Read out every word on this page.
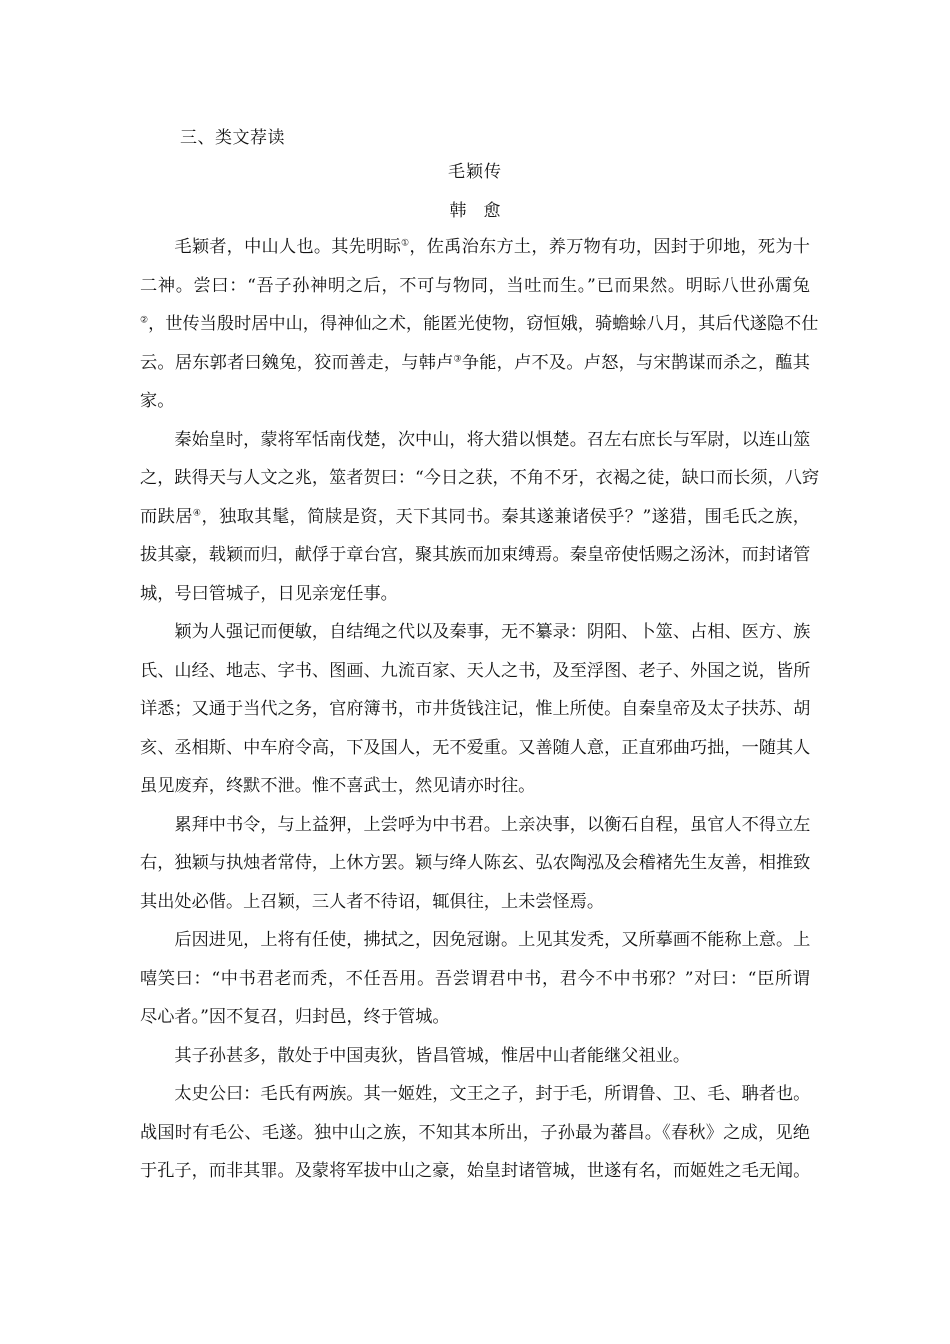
三、类文荐读
毛颖传
韩　愈
毛颖者，中山人也。其先明眎①，佐禹治东方土，养万物有功，因封于卯地，死为十
二神。尝曰：“吾子孙神明之后，不可与物同，当吐而生。”已而果然。明眎八世孙霌兔
②，世传当殷时居中山，得神仙之术，能匿光使物，窃恒娥，骑蟾蜍八月，其后代遂隐不仕
云。居东郭者曰㕙兔，狡而善走，与韩卢③争能，卢不及。卢怒，与宋鹊谋而杀之，醢其
家。
秦始皇时，蒙将军恬南伐楚，次中山，将大猎以惧楚。召左右庶长与军尉，以连山筮
之，趺得天与人文之兆，筮者贺曰：“今日之获，不角不牙，衣褐之徒，缺口而长须，八窍
而趺居④，独取其髦，简牍是资，天下其同书。秦其遂兼诸侯乎？”遂猎，围毛氏之族，
拔其豪，载颖而归，献俘于章台宫，聚其族而加束缚焉。秦皇帝使恬赐之汤沐，而封诸管
城，号曰管城子，日见亲宠任事。
颖为人强记而便敏，自结绳之代以及秦事，无不纂录：阴阳、卜筮、占相、医方、族
氏、山经、地志、字书、图画、九流百家、天人之书，及至浮图、老子、外国之说，皆所
详悉；又通于当代之务，官府簿书，市井货钱注记，惟上所使。自秦皇帝及太子扶苏、胡
亥、丞相斯、中车府令高，下及国人，无不爱重。又善随人意，正直邪曲巧拙，一随其人
虽见废弃，终默不泄。惟不喜武士，然见请亦时往。
累拜中书令，与上益狎，上尝呼为中书君。上亲决事，以衡石自程，虽官人不得立左
右，独颖与执烛者常侍，上休方罢。颖与绛人陈玄、弘农陶泓及会稽褚先生友善，相推致
其出处必偕。上召颖，三人者不待诏，辄俱往，上未尝怪焉。
后因进见，上将有任使，拂拭之，因免冠谢。上见其发秃，又所摹画不能称上意。上
嘻笑曰：“中书君老而秃，不任吾用。吾尝谓君中书，君今不中书邪？”对曰：“臣所谓
尽心者。”因不复召，归封邑，终于管城。
其子孙甚多，散处于中国夷狄，皆昌管城，惟居中山者能继父祖业。
太史公曰：毛氏有两族。其一姬姓，文王之子，封于毛，所谓鲁、卫、毛、聃者也。
战国时有毛公、毛遂。独中山之族，不知其本所出，子孙最为蕃昌。《春秋》之成，见绝
于孔子，而非其罪。及蒙将军拔中山之豪，始皇封诸管城，世遂有名，而姬姓之毛无闻。
